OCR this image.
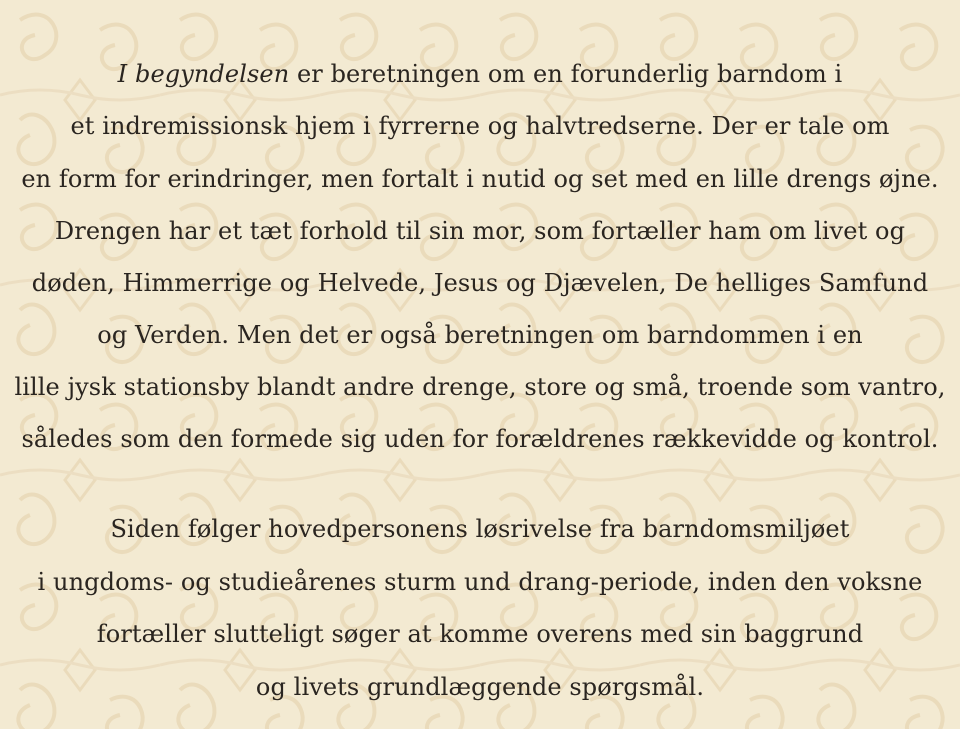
I begyndelsen er beretningen om en forunderlig barndom i
et indremissionsk hjem i fyrrerne og halvtredserne. Der er tale om
en form for erindringer, men fortalt i nutid og set med en lille drengs øjne.
Drengen har et tæt forhold til sin mor, som fortæller ham om livet og
døden, Himmerrige og Helvede, Jesus og Djævelen, De helliges Samfund
og Verden. Men det er også beretningen om barndommen i en
lille jysk stationsby blandt andre drenge, store og små, troende som vantro,
således som den formede sig uden for forældrenes rækkevidde og kontrol.
Siden følger hovedpersonens løsrivelse fra barndomsmiljøet
i ungdoms- og studieårenes sturm und drang-periode, inden den voksne
fortæller slutteligt søger at komme overens med sin baggrund
og livets grundlæggende spørgsmål.
